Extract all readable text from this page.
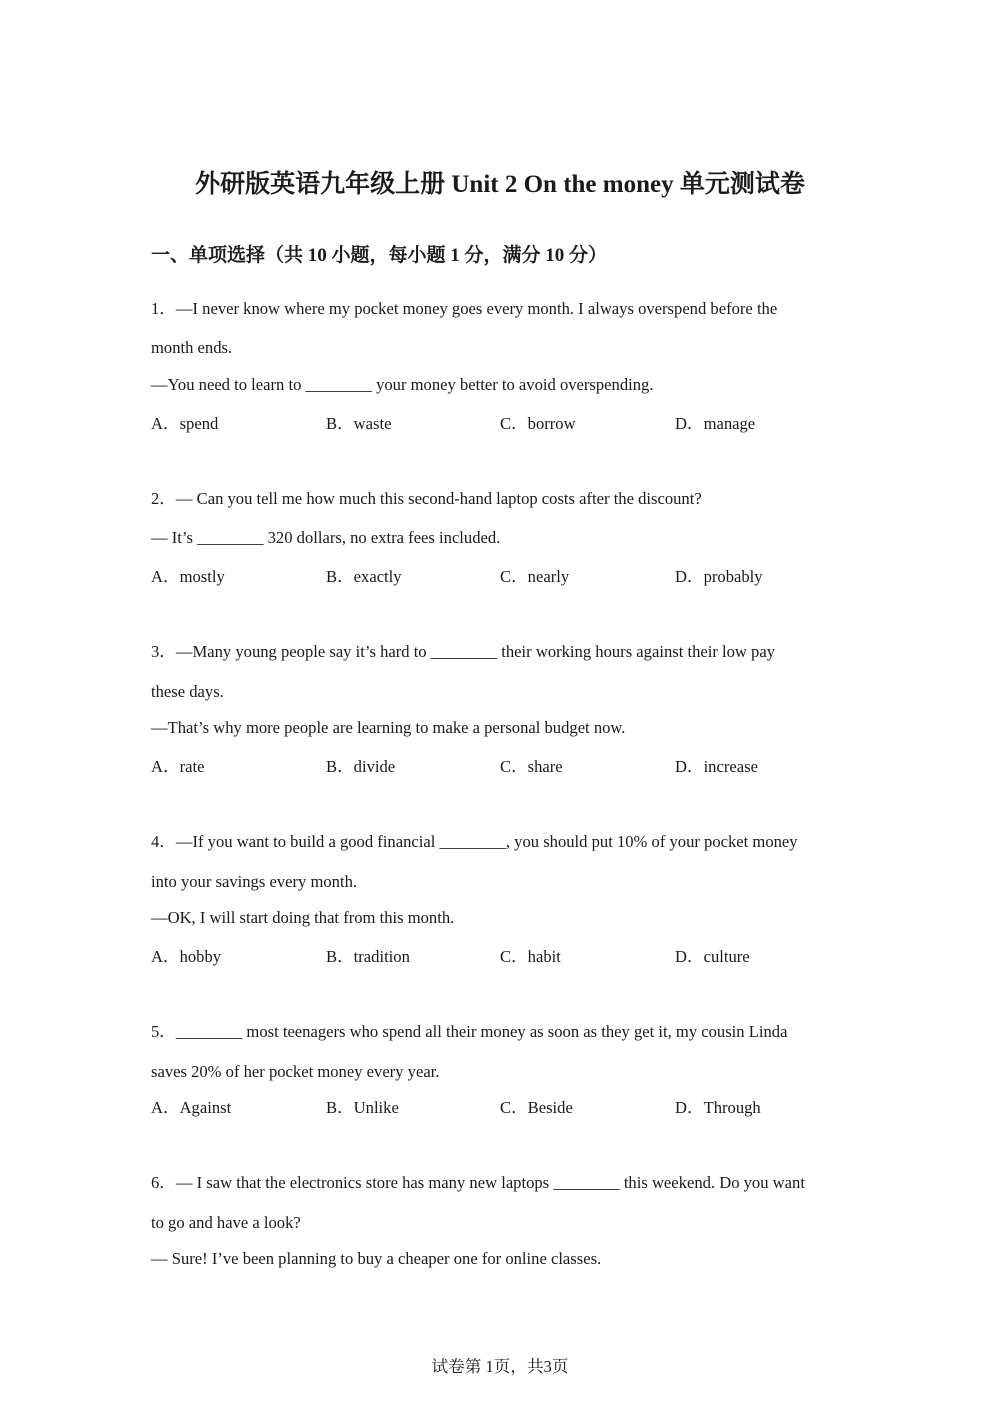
外研版英语九年级上册 Unit 2 On the money 单元测试卷
一、单项选择（共 10 小题，每小题 1 分，满分 10 分）
1．—I never know where my pocket money goes every month. I always overspend before the
month ends.
—You need to learn to ________ your money better to avoid overspending.
A．spend	B．waste	C．borrow	D．manage
2．— Can you tell me how much this second-hand laptop costs after the discount?
— It’s ________ 320 dollars, no extra fees included.
A．mostly	B．exactly	C．nearly	D．probably
3．—Many young people say it’s hard to ________ their working hours against their low pay
these days.
—That’s why more people are learning to make a personal budget now.
A．rate	B．divide	C．share	D．increase
4．—If you want to build a good financial ________, you should put 10% of your pocket money
into your savings every month.
—OK, I will start doing that from this month.
A．hobby	B．tradition	C．habit	D．culture
5．________ most teenagers who spend all their money as soon as they get it, my cousin Linda
saves 20% of her pocket money every year.
A．Against	B．Unlike	C．Beside	D．Through
6．— I saw that the electronics store has many new laptops ________ this weekend. Do you want
to go and have a look?
— Sure! I’ve been planning to buy a cheaper one for online classes.
试卷第 1页，共3页
